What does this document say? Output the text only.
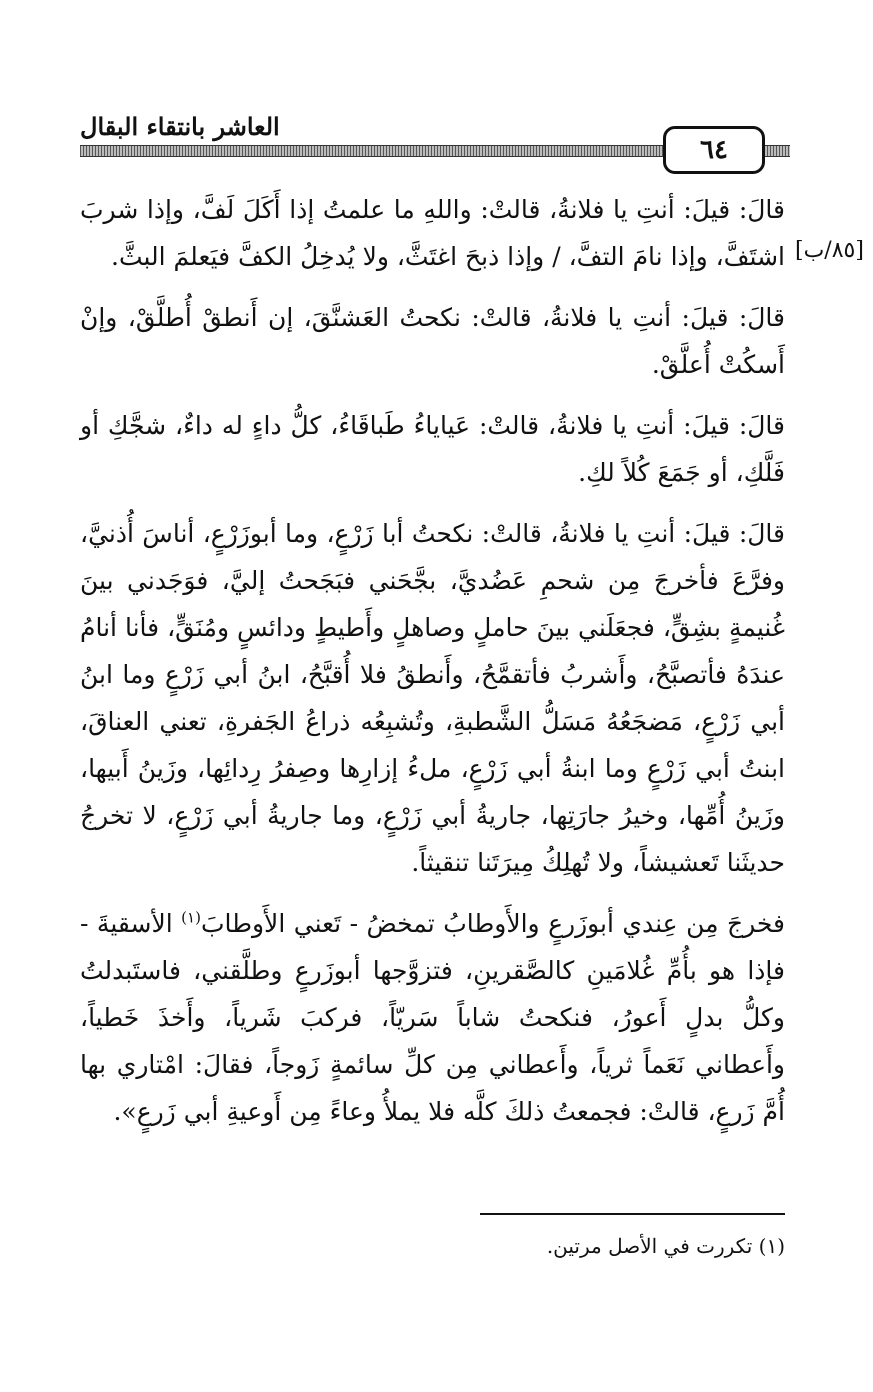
العاشر بانتقاء البقال
٦٤
[٨٥/ب]

قالَ: قيلَ: أنتِ يا فلانةُ، قالتْ: واللهِ ما علمتُ إذا أَكَلَ لَفَّ، وإذا شربَ اشتَفَّ، وإذا نامَ التفَّ، / وإذا ذبحَ اغتَثَّ، ولا يُدخِلُ الكفَّ فيَعلمَ البثَّ.

قالَ: قيلَ: أنتِ يا فلانةُ، قالتْ: نكحتُ العَشنَّقَ، إن أَنطقْ أُطلَّقْ، وإنْ أَسكُتْ أُعلَّقْ.

قالَ: قيلَ: أنتِ يا فلانةُ، قالتْ: عَياياءُ طَباقَاءُ، كلُّ داءٍ له داءٌ، شجَّكِ أو فَلَّكِ، أو جَمَعَ كُلاً لكِ.

قالَ: قيلَ: أنتِ يا فلانةُ، قالتْ: نكحتُ أبا زَرْعٍ، وما أبوزَرْعٍ، أناسَ أُذنيَّ، وفرَّعَ فأخرجَ مِن شحمِ عَضُديَّ، بجَّحَني فبَجَحتُ إليَّ، فوَجَدني بينَ غُنيمةٍ بشِقٍّ، فجعَلَني بينَ حاملٍ وصاهلٍ وأَطيطٍ ودائسٍ ومُنَقٍّ، فأنا أنامُ عندَهُ فأتصبَّحُ، وأَشربُ فأتقمَّحُ، وأَنطقُ فلا أُقبَّحُ، ابنُ أبي زَرْعٍ وما ابنُ أبي زَرْعٍ، مَضجَعُهُ مَسَلُّ الشَّطبةِ، وتُشبِعُه ذراعُ الجَفرةِ، تعني العناقَ، ابنتُ أبي زَرْعٍ وما ابنةُ أبي زَرْعٍ، ملءُ إزارِها وصِفرُ رِدائِها، وزَينُ أَبيها، وزَينُ أُمِّها، وخيرُ جارَتِها، جاريةُ أبي زَرْعٍ، وما جاريةُ أبي زَرْعٍ، لا تخرجُ حديثَنا تَعشيشاً، ولا تُهلِكُ مِيرَتَنا تنقيثاً.

فخرجَ مِن عِندي أبوزَرعٍ والأَوطابُ تمخضُ - تَعني الأَوطابَ$^{(١)}$ الأسقيةَ - فإذا هو بأُمِّ غُلامَينِ كالصَّقرينِ، فتزوَّجها أبوزَرعٍ وطلَّقني، فاستَبدلتُ وكلُّ بدلٍ أَعورُ، فنكحتُ شاباً سَريّاً، فركبَ شَرياً، وأَخذَ خَطياً، وأَعطاني نَعَماً ثرياً، وأَعطاني مِن كلِّ سائمةٍ زَوجاً، فقالَ: امْتاري بها أُمَّ زَرعٍ، قالتْ: فجمعتُ ذلكَ كلَّه فلا يملأُ وعاءً مِن أَوعيةِ أبي زَرعٍ».

(١) تكررت في الأصل مرتين.
